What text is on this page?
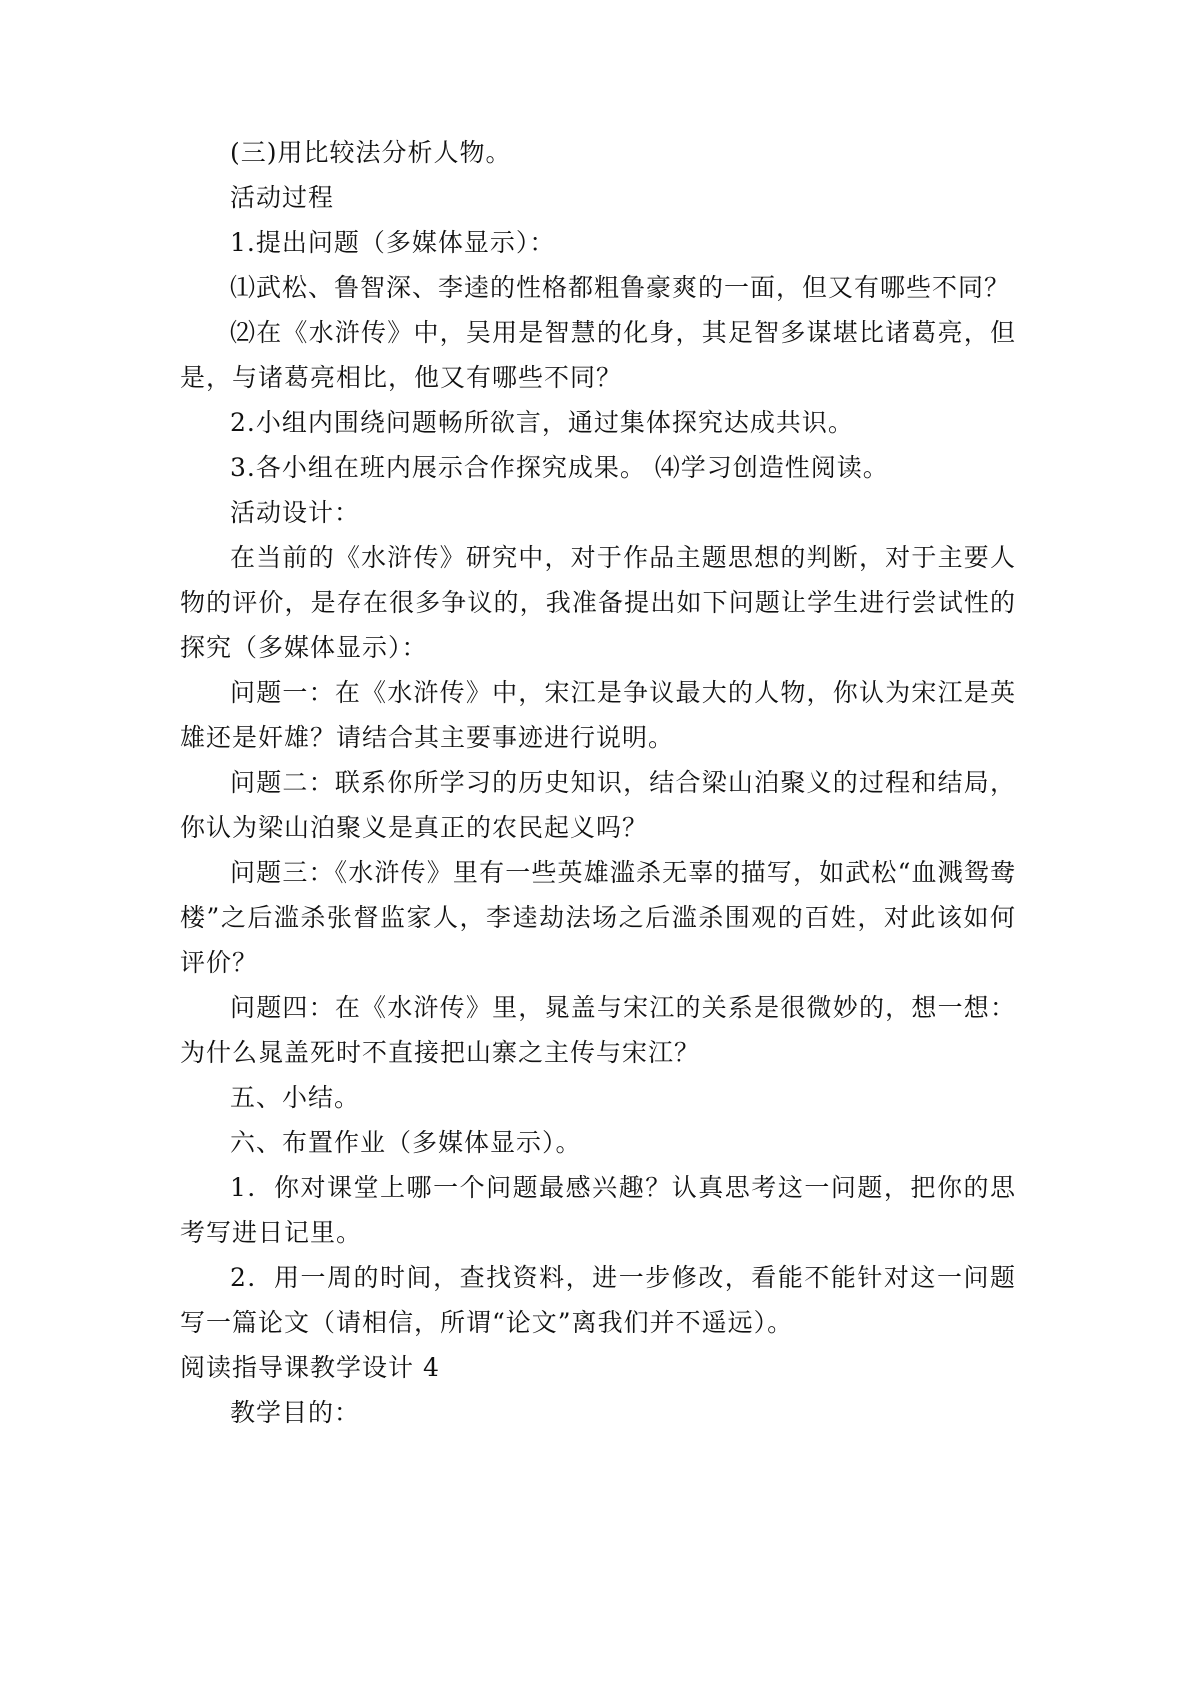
(三)用比较法分析人物。

活动过程

1.提出问题（多媒体显示）：

⑴武松、鲁智深、李逵的性格都粗鲁豪爽的一面，但又有哪些不同？

⑵在《水浒传》中，吴用是智慧的化身，其足智多谋堪比诸葛亮，但是，与诸葛亮相比，他又有哪些不同？

2.小组内围绕问题畅所欲言，通过集体探究达成共识。

3.各小组在班内展示合作探究成果。 ⑷学习创造性阅读。

活动设计：

在当前的《水浒传》研究中，对于作品主题思想的判断，对于主要人物的评价，是存在很多争议的，我准备提出如下问题让学生进行尝试性的探究（多媒体显示）：

问题一：在《水浒传》中，宋江是争议最大的人物，你认为宋江是英雄还是奸雄？请结合其主要事迹进行说明。

问题二：联系你所学习的历史知识，结合梁山泊聚义的过程和结局，你认为梁山泊聚义是真正的农民起义吗？

问题三：《水浒传》里有一些英雄滥杀无辜的描写，如武松“血溅鸳鸯楼”之后滥杀张督监家人，李逵劫法场之后滥杀围观的百姓，对此该如何评价？

问题四：在《水浒传》里，晁盖与宋江的关系是很微妙的，想一想：为什么晁盖死时不直接把山寨之主传与宋江？

五、小结。

六、布置作业（多媒体显示）。

1．你对课堂上哪一个问题最感兴趣？认真思考这一问题，把你的思考写进日记里。

2．用一周的时间，查找资料，进一步修改，看能不能针对这一问题写一篇论文（请相信，所谓“论文”离我们并不遥远）。

阅读指导课教学设计 4

教学目的：
